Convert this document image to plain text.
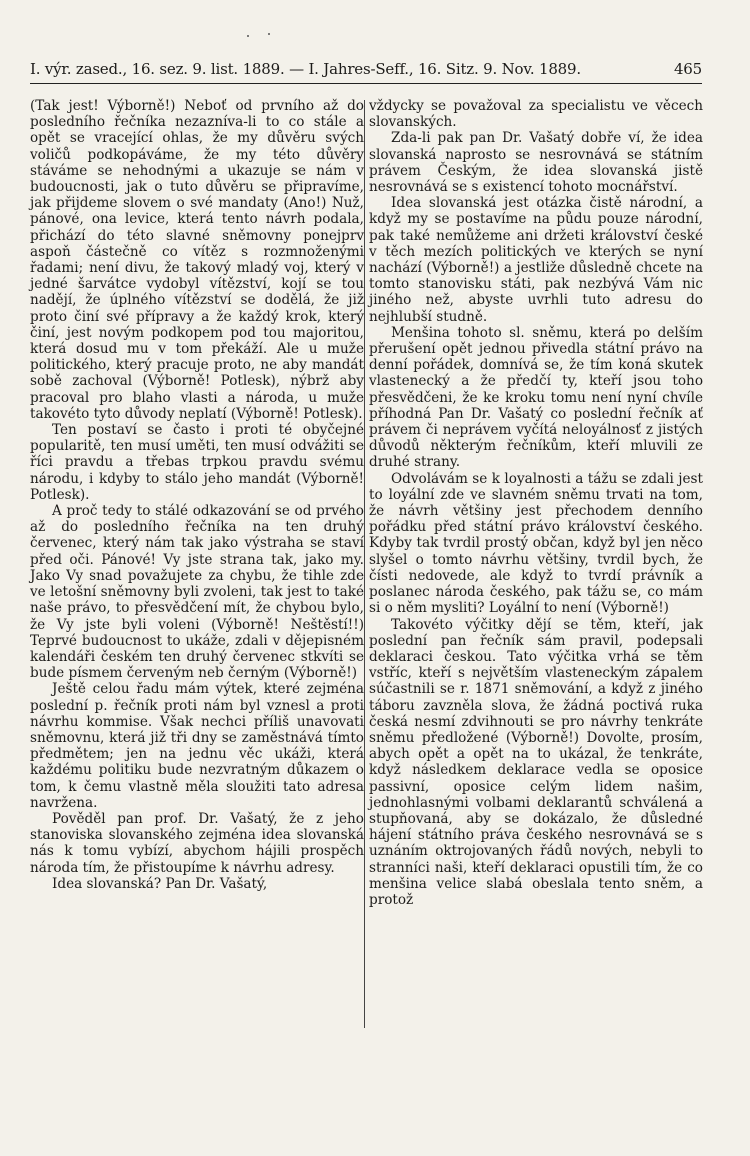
I. výr. zased., 16. sez. 9. list. 1889. — I. Jahres-Seff., 16. Sitz. 9. Nov. 1889.	465

(Tak jest! Výborně!) Neboť od prvního až do posledního řečníka nezazníva-li to co stále a opět se vracející ohlas, že my důvěru svých voličů podkopáváme, že my této důvěry stáváme se nehodnými a ukazuje se nám v budoucnosti, jak o tuto důvěru se připravíme, jak přijdeme slovem o své mandaty (Ano!) Nuž, pánové, ona levice, která tento návrh podala, přichází do této slavné sněmovny ponejprv aspoň částečně co vítěz s rozmnoženými řadami; není divu, že takový mladý voj, který v jedné šarvátce vydobyl vítězství, kojí se tou nadějí, že úplného vítězství se dodělá, že již proto činí své přípravy a že každý krok, který činí, jest novým podkopem pod tou majoritou, která dosud mu v tom překáží. Ale u muže politického, který pracuje proto, ne aby mandát sobě zachoval (Výborně! Potlesk), nýbrž aby pracoval pro blaho vlasti a národa, u muže takovéto tyto důvody neplatí (Výborně! Potlesk).

Ten postaví se často i proti té obyčejné popularitě, ten musí uměti, ten musí odvážiti se říci pravdu a třebas trpkou pravdu svému národu, i kdyby to stálo jeho mandát (Výborně! Potlesk).

A proč tedy to stálé odkazování se od prvého až do posledního řečníka na ten druhý červenec, který nám tak jako výstraha se staví před oči. Pánové! Vy jste strana tak, jako my. Jako Vy snad považujete za chybu, že tihle zde ve letošní sněmovny byli zvoleni, tak jest to také naše právo, to přesvědčení mít, že chybou bylo, že Vy jste byli voleni (Výborně! Neštěstí!!) Teprvé budoucnost to ukáže, zdali v dějepisném kalendáři českém ten druhý červenec stkvíti se bude písmem červeným neb černým (Výborně!)

Ještě celou řadu mám výtek, které zejména poslední p. řečník proti nám byl vznesl a proti návrhu kommise. Však nechci příliš unavovati sněmovnu, která již tři dny se zaměstnává tímto předmětem; jen na jednu věc ukáži, která každému politiku bude nezvratným důkazem o tom, k čemu vlastně měla sloužiti tato adresa navržena.

Pověděl pan prof. Dr. Vašatý, že z jeho stanoviska slovanského zejména idea slovanská nás k tomu vybízí, abychom hájili prospěch národa tím, že přistoupíme k návrhu adresy.

Idea slovanská? Pan Dr. Vašatý,

vždycky se považoval za specialistu ve věcech slovanských.

Zda-li pak pan Dr. Vašatý dobře ví, že idea slovanská naprosto se nesrovnává se státním právem Českým, že idea slovanská jistě nesrovnává se s existencí tohoto mocnářství.

Idea slovanská jest otázka čistě národní, a když my se postavíme na půdu pouze národní, pak také nemůžeme ani držeti království české v těch mezích politických ve kterých se nyní nachází (Výborně!) a jestliže důsledně chcete na tomto stanovisku státi, pak nezbývá Vám nic jiného než, abyste uvrhli tuto adresu do nejhlubší studně.

Menšina tohoto sl. sněmu, která po delším přerušení opět jednou přivedla státní právo na denní pořádek, domnívá se, že tím koná skutek vlastenecký a že předčí ty, kteří jsou toho přesvědčeni, že ke kroku tomu není nyní chvíle příhodná Pan Dr. Vašatý co poslední řečník ať právem či neprávem vyčítá neloyálnosť z jistých důvodů některým řečníkům, kteří mluvili ze druhé strany.

Odvolávám se k loyalnosti a tážu se zdali jest to loyální zde ve slavném sněmu trvati na tom, že návrh většiny jest přechodem denního pořádku před státní právo království českého. Kdyby tak tvrdil prostý občan, když byl jen něco slyšel o tomto návrhu většiny, tvrdil bych, že čísti nedovede, ale když to tvrdí právník a poslanec národa českého, pak tážu se, co mám si o něm mysliti? Loyální to není (Výborně!)

Takovéto výčitky dějí se těm, kteří, jak poslední pan řečník sám pravil, podepsali deklaraci českou. Tato výčitka vrhá se těm vstříc, kteří s největším vlasteneckým zápalem súčastnili se r. 1871 sněmování, a když z jiného táboru zavzněla slova, že žádná poctivá ruka česká nesmí zdvihnouti se pro návrhy tenkráte sněmu předložené (Výborně!) Dovolte, prosím, abych opět a opět na to ukázal, že tenkráte, když následkem deklarace vedla se oposice passivní, oposice celým lidem našim, jednohlasnými volbami deklarantů schválená a stupňovaná, aby se dokázalo, že důsledné hájení státního práva českého nesrovnává se s uznáním oktrojovaných řádů nových, nebyli to stranníci naši, kteří deklaraci opustili tím, že co menšina velice slabá obeslala tento sněm, a protož
